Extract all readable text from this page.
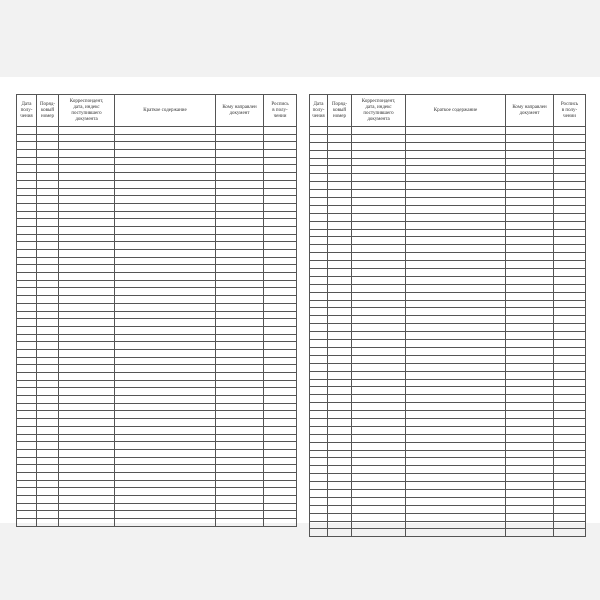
Дата
полу-
чения	Поряд-
ковый
номер	Корреспондент,
дата, индекс
поступившего
документа	Краткое содержание	Кому направлен
документ	Роспись
в полу-
чении

Дата
полу-
чения	Поряд-
ковый
номер	Корреспондент,
дата, индекс
поступившего
документа	Краткое содержание	Кому направлен
документ	Роспись
в полу-
чении
